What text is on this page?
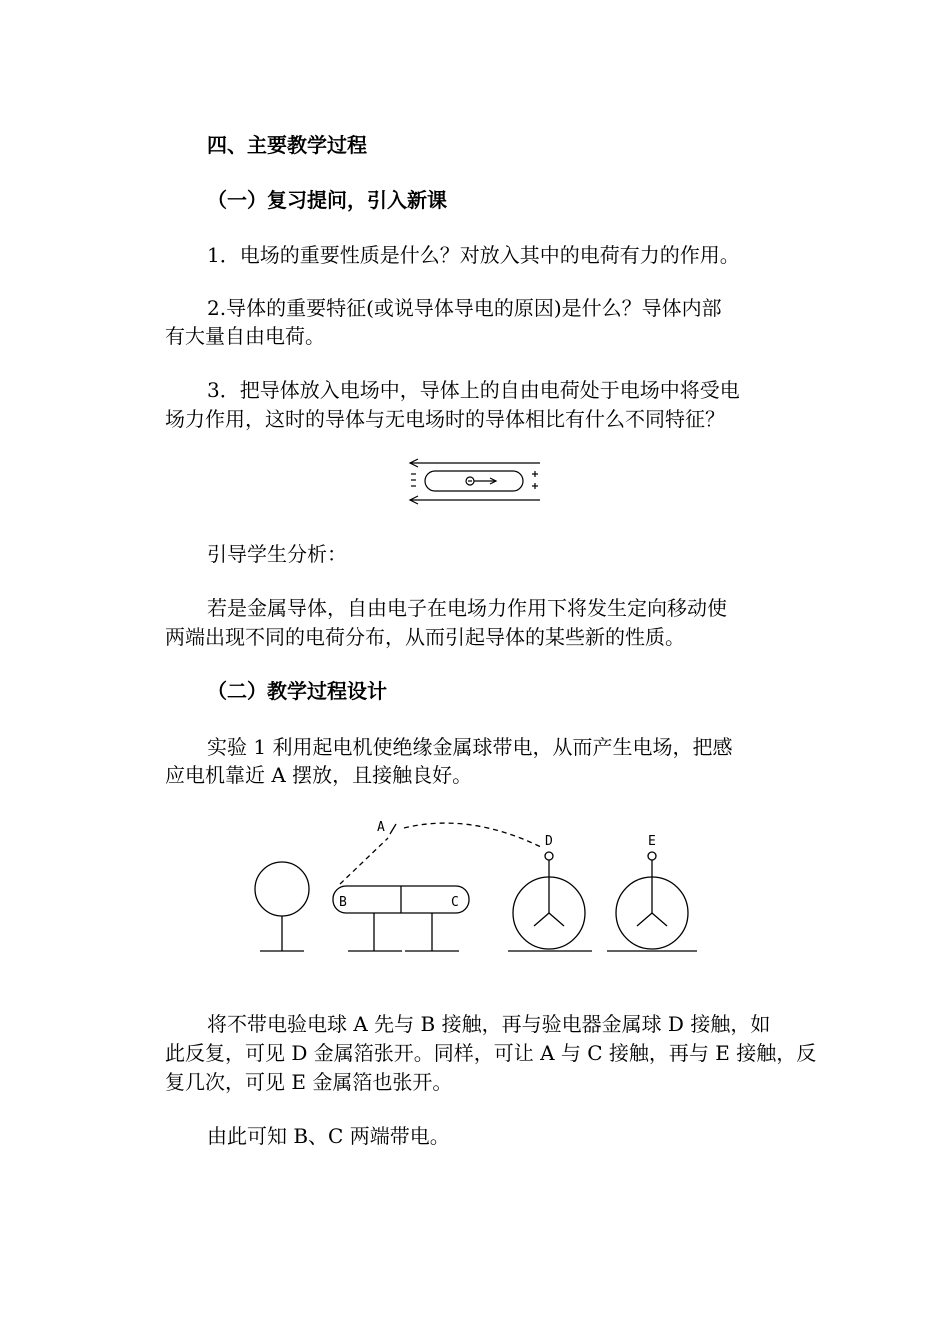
四、主要教学过程
（一）复习提问，引入新课
1．电场的重要性质是什么？对放入其中的电荷有力的作用。
2.导体的重要特征(或说导体导电的原因)是什么？导体内部
有大量自由电荷。
3．把导体放入电场中，导体上的自由电荷处于电场中将受电
场力作用，这时的导体与无电场时的导体相比有什么不同特征？
A
B	C
D	E
引导学生分析：
若是金属导体，自由电子在电场力作用下将发生定向移动使
两端出现不同的电荷分布，从而引起导体的某些新的性质。
（二）教学过程设计
实验 1 利用起电机使绝缘金属球带电，从而产生电场，把感
应电机靠近 A 摆放，且接触良好。
将不带电验电球 A 先与 B 接触，再与验电器金属球 D 接触，如
此反复，可见 D 金属箔张开。同样，可让 A 与 C 接触，再与 E 接触，反
复几次，可见 E 金属箔也张开。
由此可知 B、C 两端带电。
